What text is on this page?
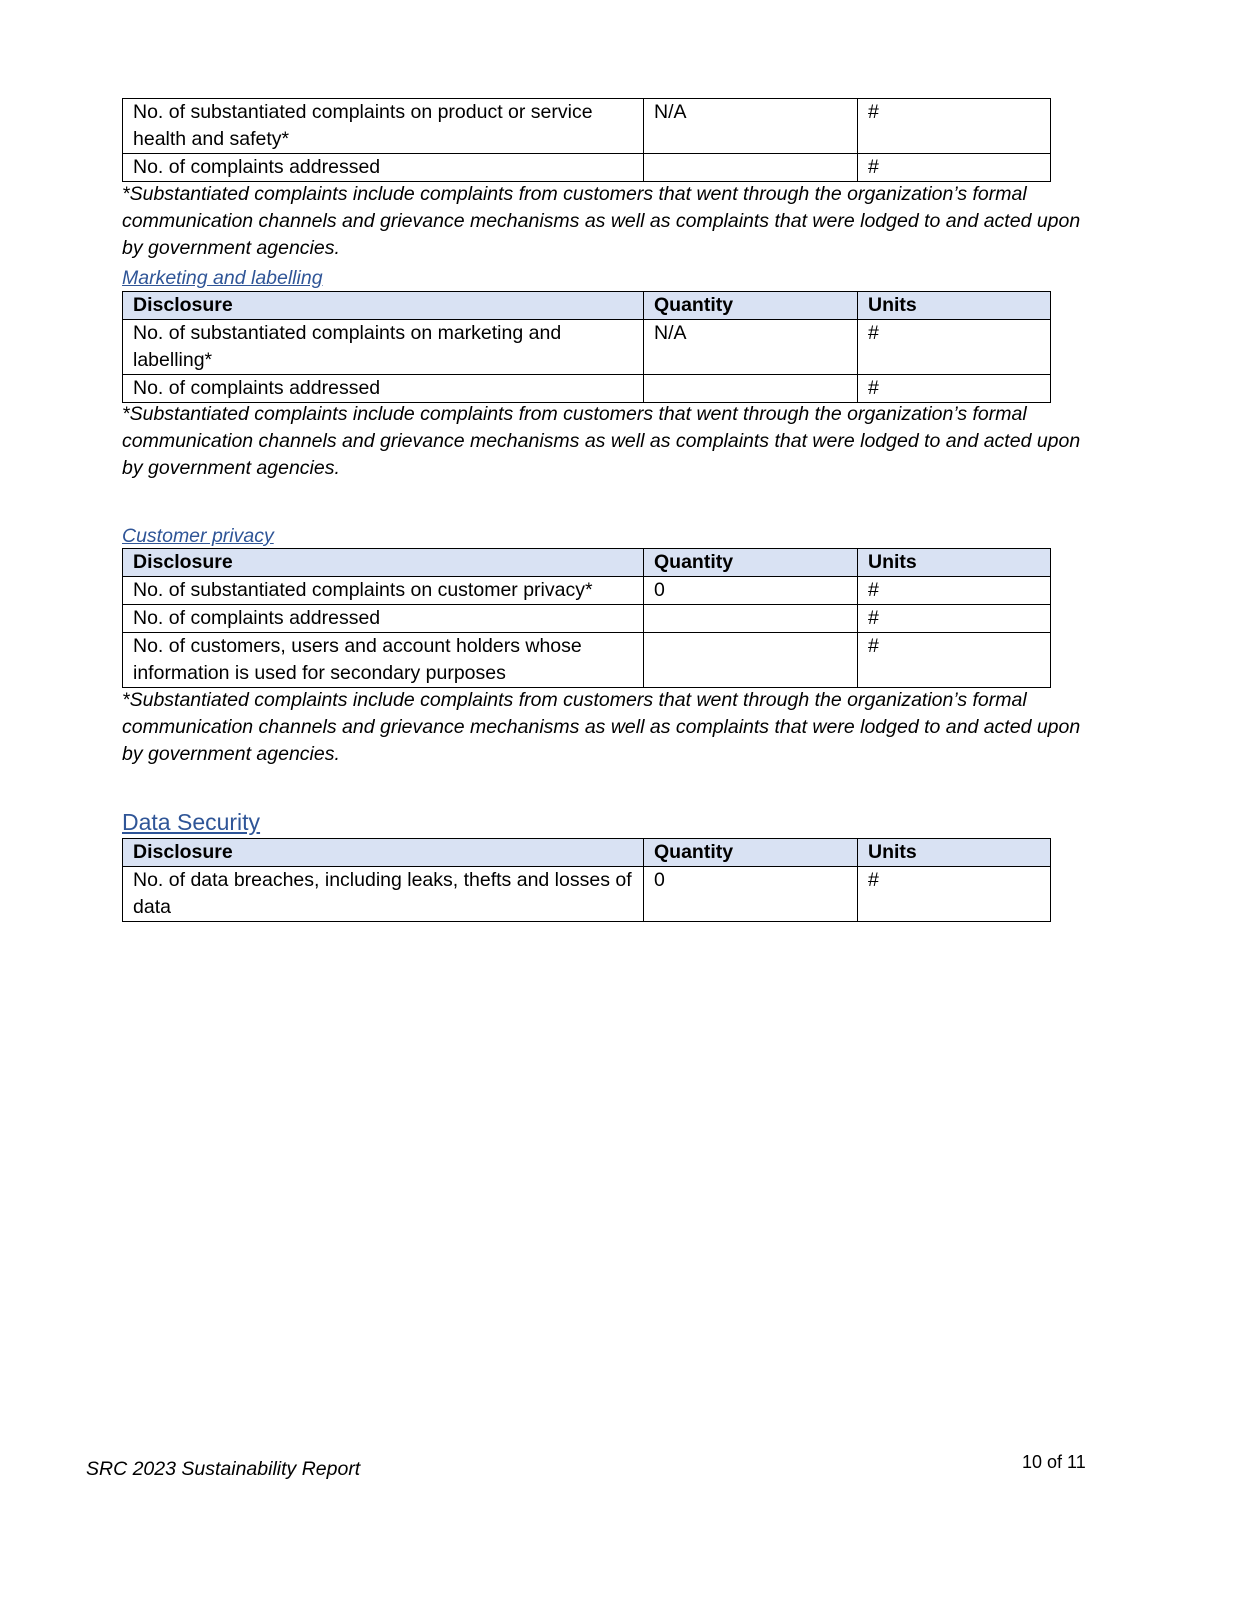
No. of substantiated complaints on product or service health and safety*	N/A	#
No. of complaints addressed		#
*Substantiated complaints include complaints from customers that went through the organization’s formal communication channels and grievance mechanisms as well as complaints that were lodged to and acted upon by government agencies.
Marketing and labelling
Disclosure	Quantity	Units
No. of substantiated complaints on marketing and labelling*	N/A	#
No. of complaints addressed		#
*Substantiated complaints include complaints from customers that went through the organization’s formal communication channels and grievance mechanisms as well as complaints that were lodged to and acted upon by government agencies.
Customer privacy
Disclosure	Quantity	Units
No. of substantiated complaints on customer privacy*	0	#
No. of complaints addressed		#
No. of customers, users and account holders whose information is used for secondary purposes		#
*Substantiated complaints include complaints from customers that went through the organization’s formal communication channels and grievance mechanisms as well as complaints that were lodged to and acted upon by government agencies.
Data Security
Disclosure	Quantity	Units
No. of data breaches, including leaks, thefts and losses of data	0	#
SRC 2023 Sustainability Report	10 of 11
